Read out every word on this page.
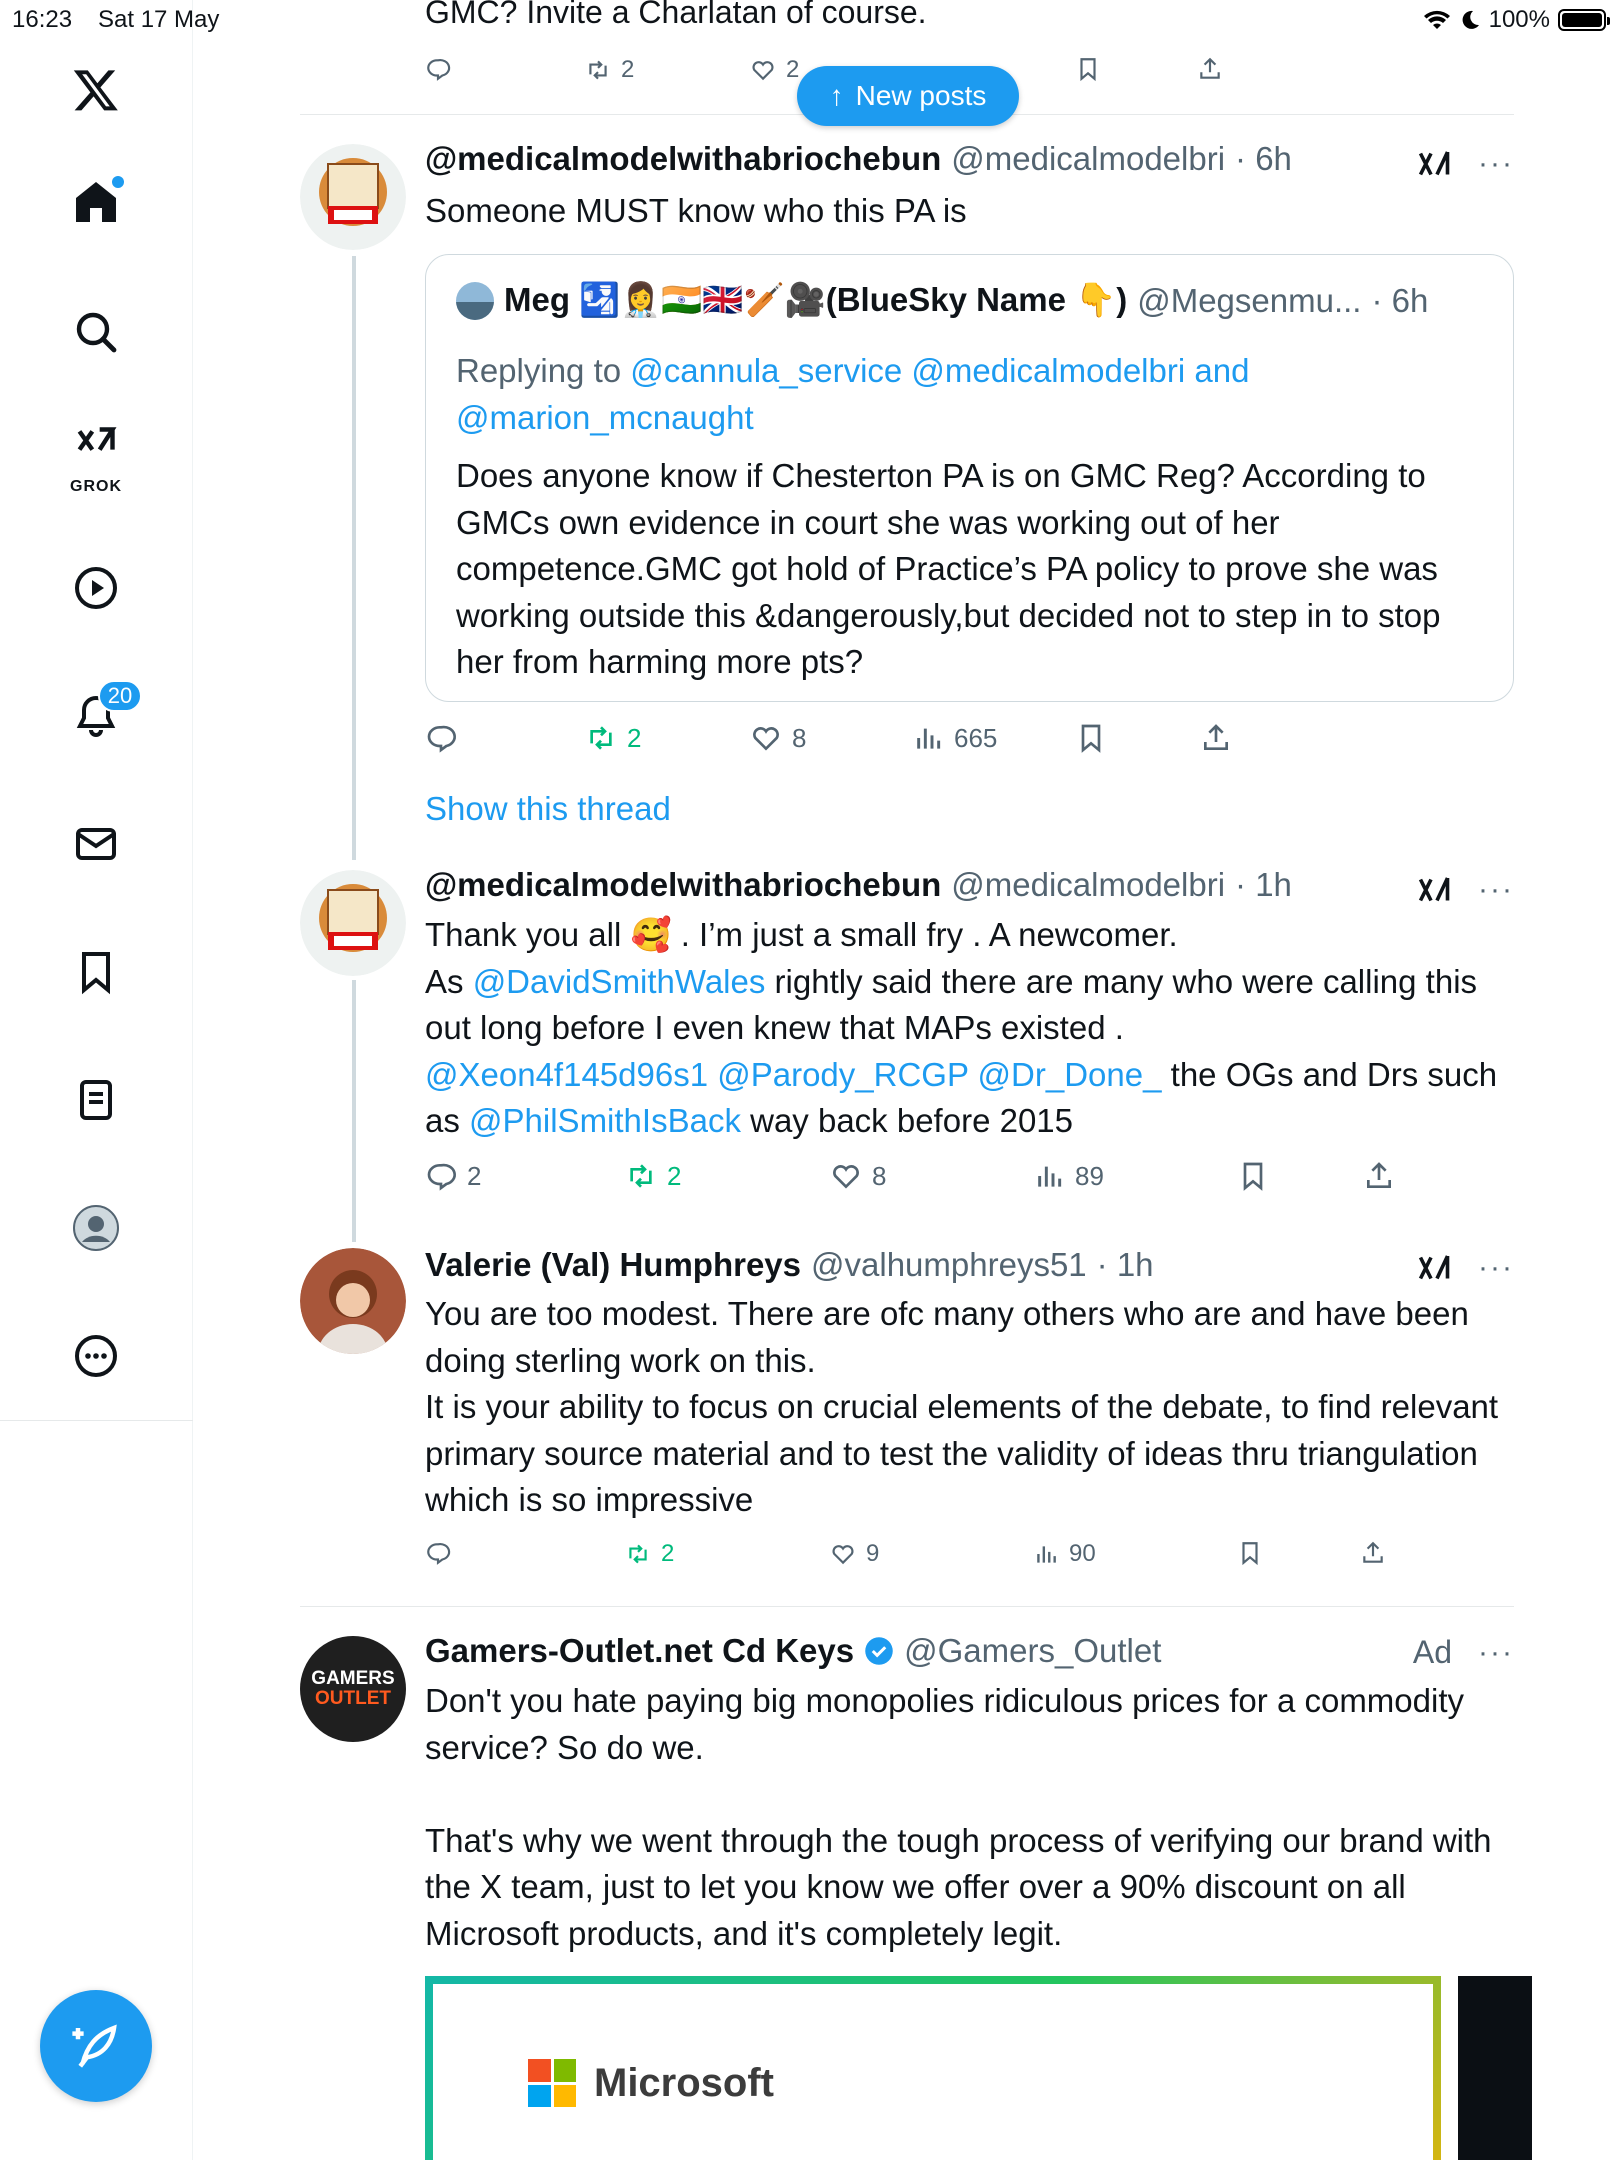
16:23 Sat 17 May	100%
GROK
20
GMC? Invite a Charlatan of course.
2	2
↑ New posts
@medicalmodelwithabriochebun @medicalmodelbri · 6h	···
Someone MUST know who this PA is
Meg 🛂👩‍⚕️🇮🇳🇬🇧🏏🎥(BlueSky Name 👇) @Megsenmu... · 6h
Replying to @cannula_service @medicalmodelbri and @marion_mcnaught
Does anyone know if Chesterton PA is on GMC Reg? According to GMCs own evidence in court she was working out of her competence.GMC got hold of Practice’s PA policy to prove she was working outside this &dangerously,but decided not to step in to stop her from harming more pts?
2	8	665
Show this thread
@medicalmodelwithabriochebun @medicalmodelbri · 1h	···
Thank you all 🥰 . I’m just a small fry . A newcomer.
As @DavidSmithWales rightly said there are many who were calling this out long before I even knew that MAPs existed .
@Xeon4f145d96s1 @Parody_RCGP @Dr_Done_ the OGs and Drs such as @PhilSmithIsBack way back before 2015
2	2	8	89
Valerie (Val) Humphreys @valhumphreys51 · 1h	···
You are too modest. There are ofc many others who are and have been doing sterling work on this.
It is your ability to focus on crucial elements of the debate, to find relevant primary source material and to test the validity of ideas thru triangulation which is so impressive
2	9	90
GAMERS
OUTLET
Gamers-Outlet.net Cd Keys @Gamers_Outlet	Ad ···
Don't you hate paying big monopolies ridiculous prices for a commodity service? So do we.

That's why we went through the tough process of verifying our brand with the X team, just to let you know we offer over a 90% discount on all Microsoft products, and it's completely legit.
Microsoft
